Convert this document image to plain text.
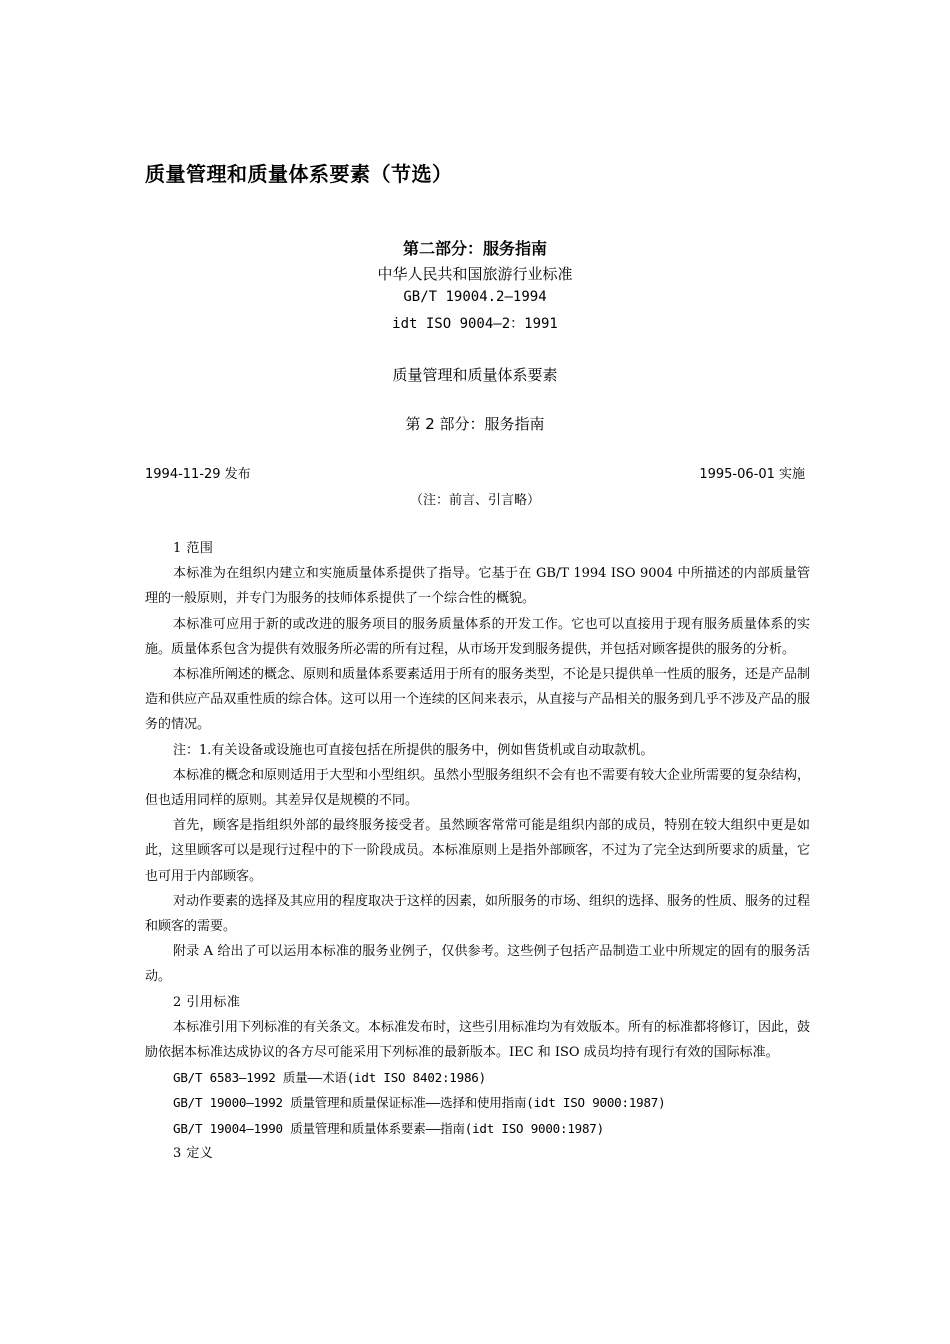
质量管理和质量体系要素（节选）
第二部分：服务指南
中华人民共和国旅游行业标准
GB/T 19004.2—1994
idt ISO 9004—2：1991
质量管理和质量体系要素
第 2 部分：服务指南
1994-11-29 发布	1995-06-01 实施
（注：前言、引言略）

1 范围

本标准为在组织内建立和实施质量体系提供了指导。它基于在 GB/T 1994 ISO 9004 中所描述的内部质量管理的一般原则，并专门为服务的技师体系提供了一个综合性的概貌。

本标准可应用于新的或改进的服务项目的服务质量体系的开发工作。它也可以直接用于现有服务质量体系的实施。质量体系包含为提供有效服务所必需的所有过程，从市场开发到服务提供，并包括对顾客提供的服务的分析。

本标准所阐述的概念、原则和质量体系要素适用于所有的服务类型，不论是只提供单一性质的服务，还是产品制造和供应产品双重性质的综合体。这可以用一个连续的区间来表示，从直接与产品相关的服务到几乎不涉及产品的服务的情况。

注：1.有关设备或设施也可直接包括在所提供的服务中，例如售货机或自动取款机。

本标准的概念和原则适用于大型和小型组织。虽然小型服务组织不会有也不需要有较大企业所需要的复杂结构，但也适用同样的原则。其差异仅是规模的不同。

首先，顾客是指组织外部的最终服务接受者。虽然顾客常常可能是组织内部的成员，特别在较大组织中更是如此，这里顾客可以是现行过程中的下一阶段成员。本标准原则上是指外部顾客，不过为了完全达到所要求的质量，它也可用于内部顾客。

对动作要素的选择及其应用的程度取决于这样的因素，如所服务的市场、组织的选择、服务的性质、服务的过程和顾客的需要。

附录 A 给出了可以运用本标准的服务业例子，仅供参考。这些例子包括产品制造工业中所规定的固有的服务活动。

2 引用标准

本标准引用下列标准的有关条文。本标准发布时，这些引用标准均为有效版本。所有的标准都将修订，因此，鼓励依据本标准达成协议的各方尽可能采用下列标准的最新版本。IEC 和 ISO 成员均持有现行有效的国际标准。

GB/T 6583—1992 质量——术语(idt ISO 8402:1986)

GB/T 19000—1992 质量管理和质量保证标准——选择和使用指南(idt ISO 9000:1987)

GB/T 19004—1990 质量管理和质量体系要素——指南(idt ISO 9000:1987)

3 定义
